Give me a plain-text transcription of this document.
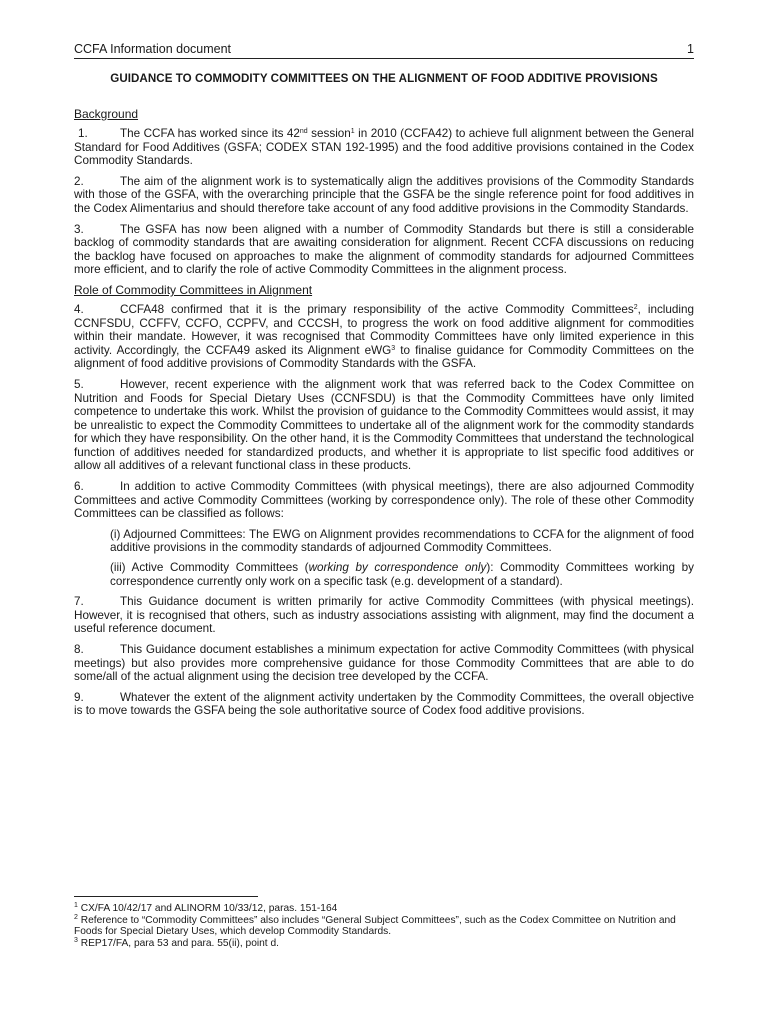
CCFA Information document	1
GUIDANCE TO COMMODITY COMMITTEES ON THE ALIGNMENT OF FOOD ADDITIVE PROVISIONS
Background

1.	The CCFA has worked since its 42nd session$^1$ in 2010 (CCFA42) to achieve full alignment between the General Standard for Food Additives (GSFA; CODEX STAN 192-1995) and the food additive provisions contained in the Codex Commodity Standards.

2.	The aim of the alignment work is to systematically align the additives provisions of the Commodity Standards with those of the GSFA, with the overarching principle that the GSFA be the single reference point for food additives in the Codex Alimentarius and should therefore take account of any food additive provisions in the Commodity Standards.

3.	The GSFA has now been aligned with a number of Commodity Standards but there is still a considerable backlog of commodity standards that are awaiting consideration for alignment. Recent CCFA discussions on reducing the backlog have focused on approaches to make the alignment of commodity standards for adjourned Committees more efficient, and to clarify the role of active Commodity Committees in the alignment process.

Role of Commodity Committees in Alignment

4.	CCFA48 confirmed that it is the primary responsibility of the active Commodity Committees$^2$, including CCNFSDU, CCFFV, CCFO, CCPFV, and CCCSH, to progress the work on food additive alignment for commodities within their mandate. However, it was recognised that Commodity Committees have only limited experience in this activity. Accordingly, the CCFA49 asked its Alignment eWG$^3$ to finalise guidance for Commodity Committees on the alignment of food additive provisions of Commodity Standards with the GSFA.

5.	However, recent experience with the alignment work that was referred back to the Codex Committee on Nutrition and Foods for Special Dietary Uses (CCNFSDU) is that the Commodity Committees have only limited competence to undertake this work. Whilst the provision of guidance to the Commodity Committees would assist, it may be unrealistic to expect the Commodity Committees to undertake all of the alignment work for the commodity standards for which they have responsibility. On the other hand, it is the Commodity Committees that understand the technological function of additives needed for standardized products, and whether it is appropriate to list specific food additives or allow all additives of a relevant functional class in these products.

6.	In addition to active Commodity Committees (with physical meetings), there are also adjourned Commodity Committees and active Commodity Committees (working by correspondence only). The role of these other Commodity Committees can be classified as follows:

(i) Adjourned Committees: The EWG on Alignment provides recommendations to CCFA for the alignment of food additive provisions in the commodity standards of adjourned Commodity Committees.

(iii) Active Commodity Committees (working by correspondence only): Commodity Committees working by correspondence currently only work on a specific task (e.g. development of a standard).

7.	This Guidance document is written primarily for active Commodity Committees (with physical meetings). However, it is recognised that others, such as industry associations assisting with alignment, may find the document a useful reference document.

8.	This Guidance document establishes a minimum expectation for active Commodity Committees (with physical meetings) but also provides more comprehensive guidance for those Commodity Committees that are able to do some/all of the actual alignment using the decision tree developed by the CCFA.

9.	Whatever the extent of the alignment activity undertaken by the Commodity Committees, the overall objective is to move towards the GSFA being the sole authoritative source of Codex food additive provisions.

$^1$ CX/FA 10/42/17 and ALINORM 10/33/12, paras. 151-164

$^2$ Reference to “Commodity Committees” also includes “General Subject Committees”, such as the Codex Committee on Nutrition and Foods for Special Dietary Uses, which develop Commodity Standards.

$^3$ REP17/FA, para 53 and para. 55(ii), point d.
